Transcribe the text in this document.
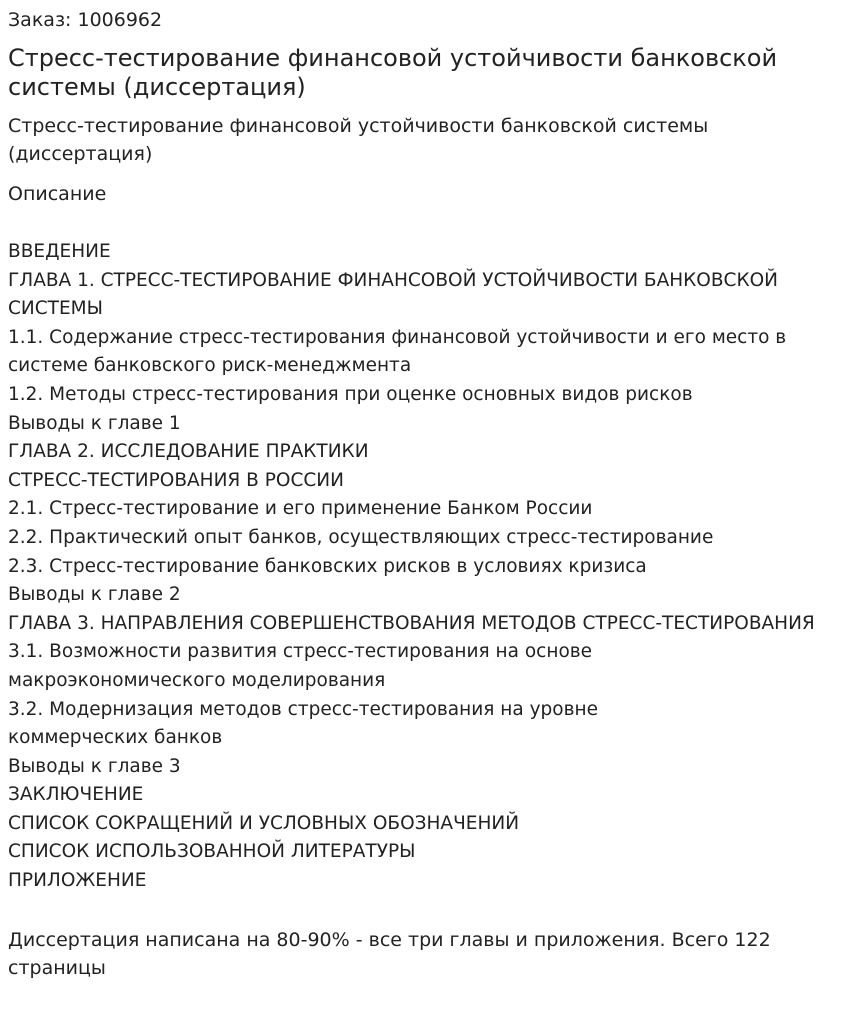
Заказ: 1006962
Стресс-тестирование финансовой устойчивости банковской системы (диссертация)
Стресс-тестирование финансовой устойчивости банковской системы (диссертация)
Описание
ВВЕДЕНИЕ
ГЛАВА 1. СТРЕСС-ТЕСТИРОВАНИЕ ФИНАНСОВОЙ УСТОЙЧИВОСТИ БАНКОВСКОЙ СИСТЕМЫ
1.1. Содержание стресс-тестирования финансовой устойчивости и его место в системе банковского риск-менеджмента
1.2. Методы стресс-тестирования при оценке основных видов рисков
Выводы к главе 1
ГЛАВА 2. ИССЛЕДОВАНИЕ ПРАКТИКИ
СТРЕСС-ТЕСТИРОВАНИЯ В РОССИИ
2.1. Стресс-тестирование и его применение Банком России
2.2. Практический опыт банков, осуществляющих стресс-тестирование
2.3. Стресс-тестирование банковских рисков в условиях кризиса
Выводы к главе 2
ГЛАВА 3. НАПРАВЛЕНИЯ СОВЕРШЕНСТВОВАНИЯ МЕТОДОВ СТРЕСС-ТЕСТИРОВАНИЯ
3.1. Возможности развития стресс-тестирования на основе
макроэкономического моделирования
3.2. Модернизация методов стресс-тестирования на уровне
коммерческих банков
Выводы к главе 3
ЗАКЛЮЧЕНИЕ
СПИСОК СОКРАЩЕНИЙ И УСЛОВНЫХ ОБОЗНАЧЕНИЙ
СПИСОК ИСПОЛЬЗОВАННОЙ ЛИТЕРАТУРЫ
ПРИЛОЖЕНИЕ
Диссертация написана на 80-90% - все три главы и приложения. Всего 122 страницы
